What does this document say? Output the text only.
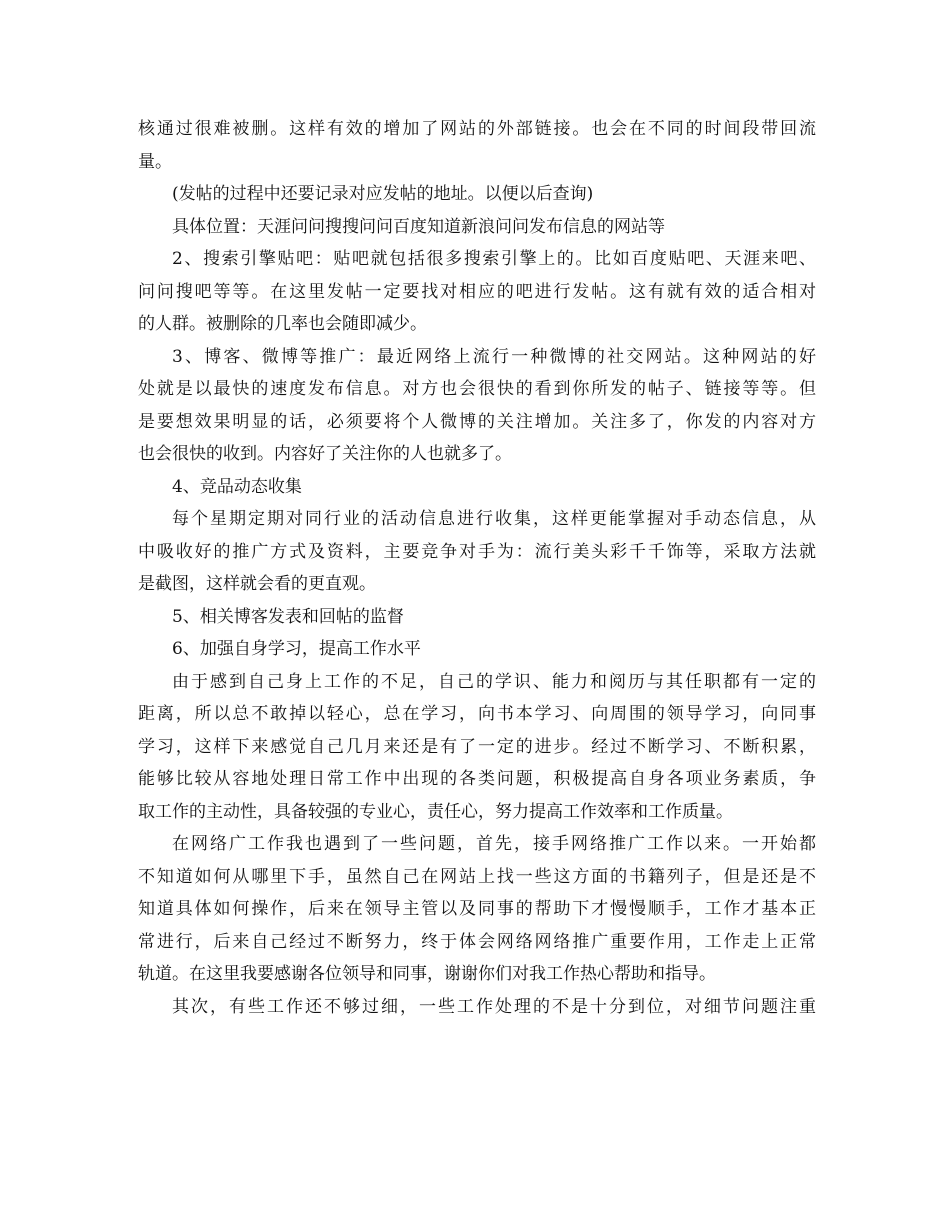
核通过很难被删。这样有效的增加了网站的外部链接。也会在不同的时间段带回流
量。
(发帖的过程中还要记录对应发帖的地址。以便以后查询)
具体位置：天涯问问搜搜问问百度知道新浪问问发布信息的网站等
2、搜索引擎贴吧：贴吧就包括很多搜索引擎上的。比如百度贴吧、天涯来吧、
问问搜吧等等。在这里发帖一定要找对相应的吧进行发帖。这有就有效的适合相对
的人群。被删除的几率也会随即减少。
3、博客、微博等推广：最近网络上流行一种微博的社交网站。这种网站的好
处就是以最快的速度发布信息。对方也会很快的看到你所发的帖子、链接等等。但
是要想效果明显的话，必须要将个人微博的关注增加。关注多了，你发的内容对方
也会很快的收到。内容好了关注你的人也就多了。
4、竞品动态收集
每个星期定期对同行业的活动信息进行收集，这样更能掌握对手动态信息，从
中吸收好的推广方式及资料，主要竞争对手为：流行美头彩千千饰等，采取方法就
是截图，这样就会看的更直观。
5、相关博客发表和回帖的监督
6、加强自身学习，提高工作水平
由于感到自己身上工作的不足，自己的学识、能力和阅历与其任职都有一定的
距离，所以总不敢掉以轻心，总在学习，向书本学习、向周围的领导学习，向同事
学习，这样下来感觉自己几月来还是有了一定的进步。经过不断学习、不断积累，
能够比较从容地处理日常工作中出现的各类问题，积极提高自身各项业务素质，争
取工作的主动性，具备较强的专业心，责任心，努力提高工作效率和工作质量。
在网络广工作我也遇到了一些问题，首先，接手网络推广工作以来。一开始都
不知道如何从哪里下手，虽然自己在网站上找一些这方面的书籍列子，但是还是不
知道具体如何操作，后来在领导主管以及同事的帮助下才慢慢顺手，工作才基本正
常进行，后来自己经过不断努力，终于体会网络网络推广重要作用，工作走上正常
轨道。在这里我要感谢各位领导和同事，谢谢你们对我工作热心帮助和指导。
其次，有些工作还不够过细，一些工作处理的不是十分到位，对细节问题注重
